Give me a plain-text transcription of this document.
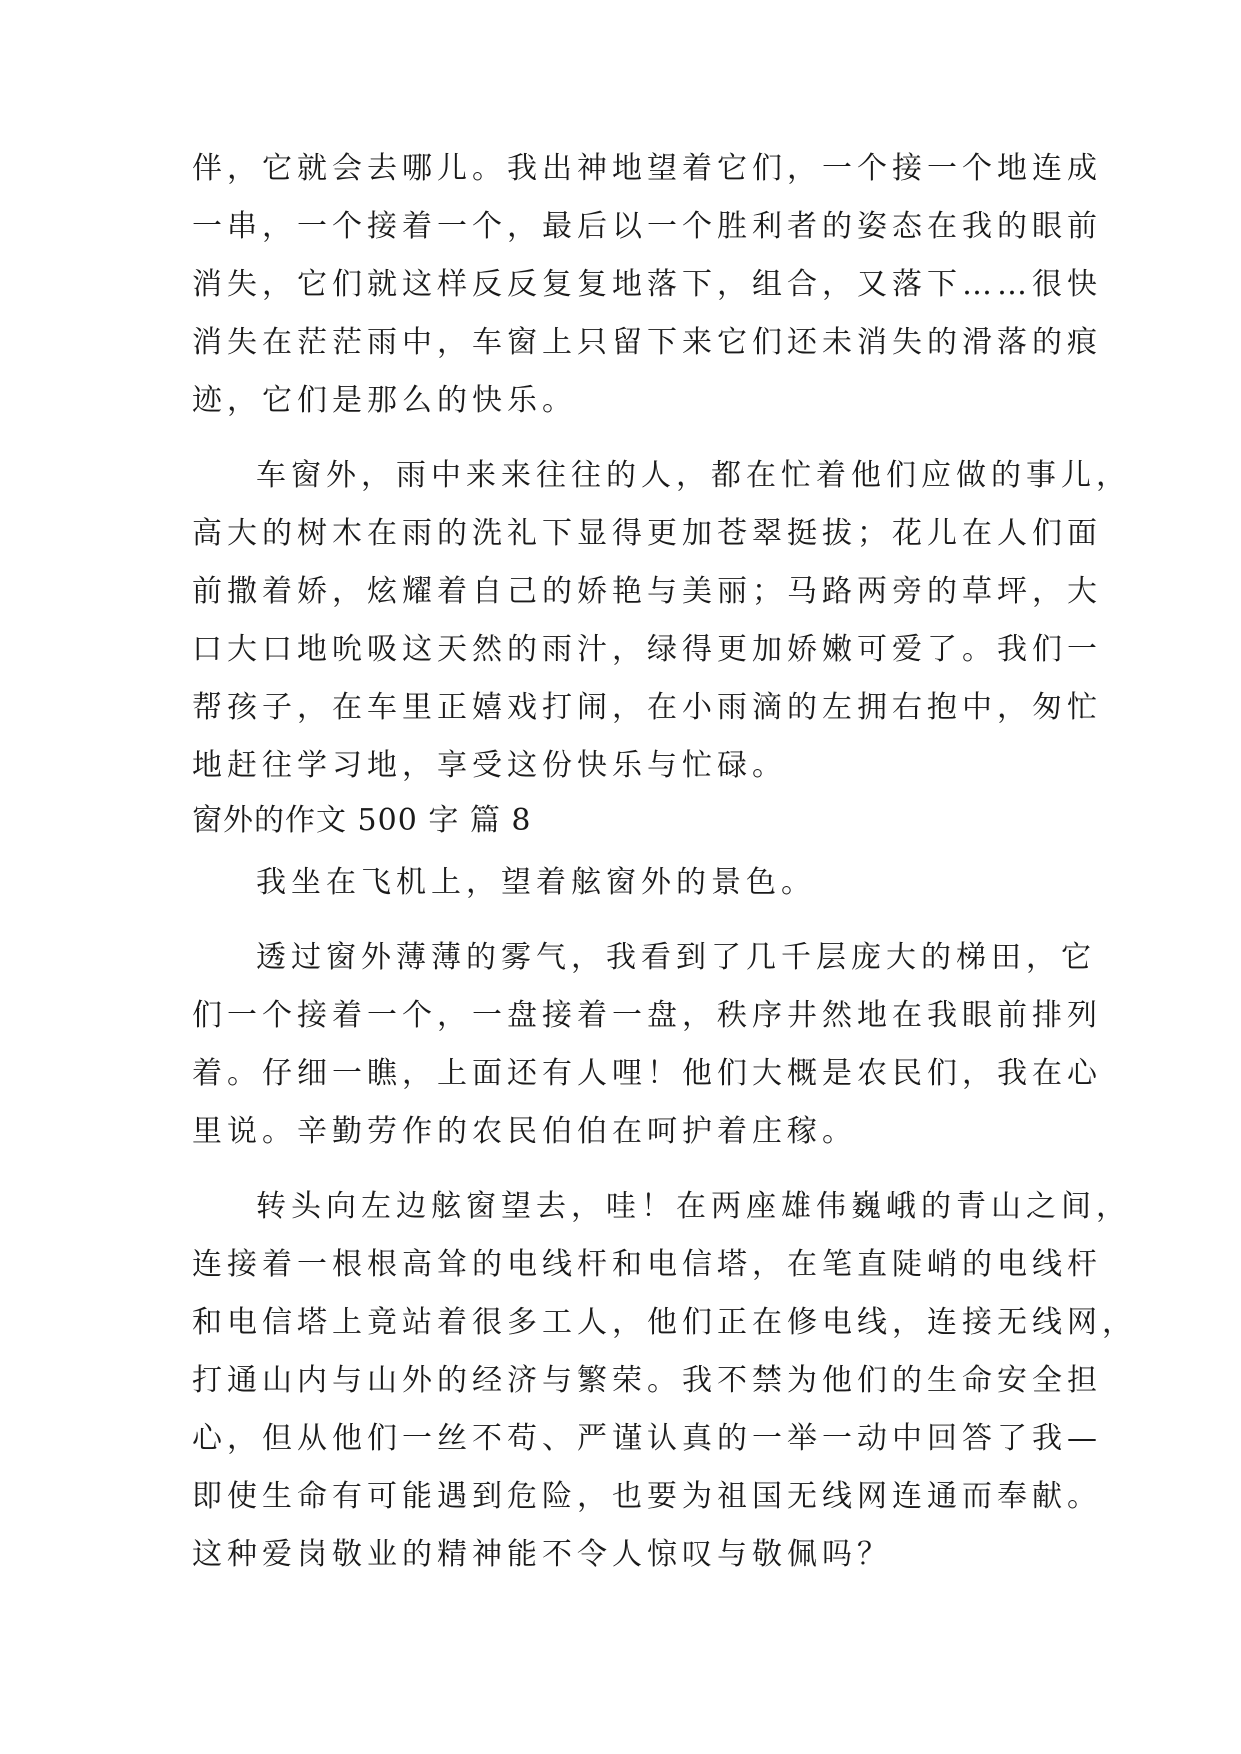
伴，它就会去哪儿。我出神地望着它们，一个接一个地连成
一串，一个接着一个，最后以一个胜利者的姿态在我的眼前
消失，它们就这样反反复复地落下，组合，又落下……很快
消失在茫茫雨中，车窗上只留下来它们还未消失的滑落的痕
迹，它们是那么的快乐。
车窗外，雨中来来往往的人，都在忙着他们应做的事儿，
高大的树木在雨的洗礼下显得更加苍翠挺拔；花儿在人们面
前撒着娇，炫耀着自己的娇艳与美丽；马路两旁的草坪，大
口大口地吮吸这天然的雨汁，绿得更加娇嫩可爱了。我们一
帮孩子，在车里正嬉戏打闹，在小雨滴的左拥右抱中，匆忙
地赶往学习地，享受这份快乐与忙碌。
窗外的作文 500 字 篇 8
我坐在飞机上，望着舷窗外的景色。
透过窗外薄薄的雾气，我看到了几千层庞大的梯田，它
们一个接着一个，一盘接着一盘，秩序井然地在我眼前排列
着。仔细一瞧，上面还有人哩！他们大概是农民们，我在心
里说。辛勤劳作的农民伯伯在呵护着庄稼。
转头向左边舷窗望去，哇！在两座雄伟巍峨的青山之间，
连接着一根根高耸的电线杆和电信塔，在笔直陡峭的电线杆
和电信塔上竟站着很多工人，他们正在修电线，连接无线网，
打通山内与山外的经济与繁荣。我不禁为他们的生命安全担
心，但从他们一丝不苟、严谨认真的一举一动中回答了我—
即使生命有可能遇到危险，也要为祖国无线网连通而奉献。
这种爱岗敬业的精神能不令人惊叹与敬佩吗？
